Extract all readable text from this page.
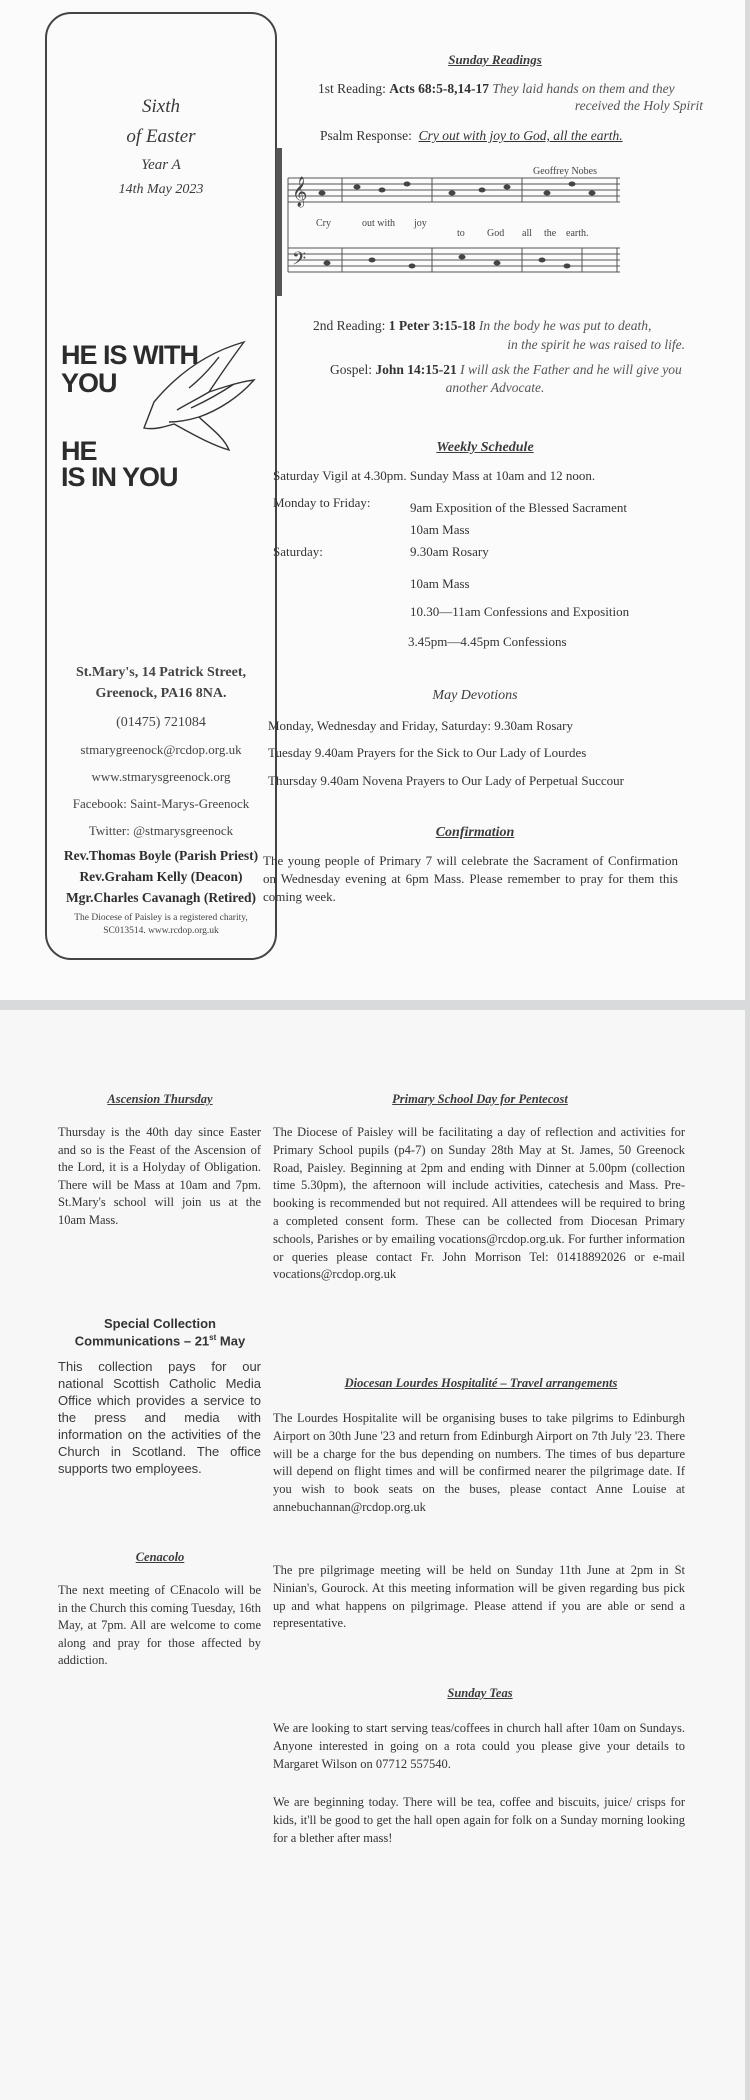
Sixth
of Easter
Year A
14th May 2023
HE IS WITH
YOU
HE
IS IN YOU

St.Mary's, 14 Patrick Street,

Greenock, PA16 8NA.

(01475) 721084

stmarygreenock@rcdop.org.uk

www.stmarysgreenock.org

Facebook: Saint-Marys-Greenock

Twitter: @stmarysgreenock

Rev.Thomas Boyle (Parish Priest)

Rev.Graham Kelly (Deacon)

Mgr.Charles Cavanagh (Retired)

The Diocese of Paisley is a registered charity,

SC013514. www.rcdop.org.uk

Sunday Readings
1st Reading: Acts 68:5-8,14-17 They laid hands on them and they
received the Holy Spirit
Psalm Response: Cry out with joy to God, all the earth.
Geoffrey Nobes
𝄞
𝄢
Cry	out with joy
to God all the earth.
2nd Reading: 1 Peter 3:15-18 In the body he was put to death,
in the spirit he was raised to life.
Gospel: John 14:15-21 I will ask the Father and he will give you
another Advocate.
Weekly Schedule
Saturday Vigil at 4.30pm. Sunday Mass at 10am and 12 noon.
Monday to Friday:	9am Exposition of the Blessed Sacrament
10am Mass
Saturday:	9.30am Rosary
10am Mass
10.30—11am Confessions and Exposition
3.45pm—4.45pm Confessions
May Devotions
Monday, Wednesday and Friday, Saturday: 9.30am Rosary
Tuesday 9.40am Prayers for the Sick to Our Lady of Lourdes
Thursday 9.40am Novena Prayers to Our Lady of Perpetual Succour
Confirmation

The young people of Primary 7 will celebrate the Sacrament of Confirmation on Wednesday evening at 6pm Mass. Please remember to pray for them this coming week.

Ascension Thursday

Thursday is the 40th day since Easter and so is the Feast of the Ascension of the Lord, it is a Holyday of Obligation. There will be Mass at 10am and 7pm. St.Mary's school will join us at the 10am Mass.

Special Collection
Communications – 21st May

This collection pays for our national Scottish Catholic Media Office which provides a service to the press and media with information on the activities of the Church in Scotland. The office supports two employees.

Cenacolo

The next meeting of CEnacolo will be in the Church this coming Tuesday, 16th May, at 7pm. All are welcome to come along and pray for those affected by addiction.

Primary School Day for Pentecost

The Diocese of Paisley will be facilitating a day of reflection and activities for Primary School pupils (p4-7) on Sunday 28th May at St. James, 50 Greenock Road, Paisley. Beginning at 2pm and ending with Dinner at 5.00pm (collection time 5.30pm), the afternoon will include activities, catechesis and Mass. Pre-booking is recommended but not required. All attendees will be required to bring a completed consent form. These can be collected from Diocesan Primary schools, Parishes or by emailing vocations@rcdop.org.uk. For further information or queries please contact Fr. John Morrison Tel: 01418892026 or e-mail vocations@rcdop.org.uk

Diocesan Lourdes Hospitalité – Travel arrangements

The Lourdes Hospitalite will be organising buses to take pilgrims to Edinburgh Airport on 30th June '23 and return from Edinburgh Airport on 7th July '23. There will be a charge for the bus depending on numbers. The times of bus departure will depend on flight times and will be confirmed nearer the pilgrimage date. If you wish to book seats on the buses, please contact Anne Louise at annebuchannan@rcdop.org.uk

The pre pilgrimage meeting will be held on Sunday 11th June at 2pm in St Ninian's, Gourock. At this meeting information will be given regarding bus pick up and what happens on pilgrimage. Please attend if you are able or send a representative.

Sunday Teas

We are looking to start serving teas/coffees in church hall after 10am on Sundays. Anyone interested in going on a rota could you please give your details to Margaret Wilson on 07712 557540.

We are beginning today. There will be tea, coffee and biscuits, juice/ crisps for kids, it'll be good to get the hall open again for folk on a Sunday morning looking for a blether after mass!
